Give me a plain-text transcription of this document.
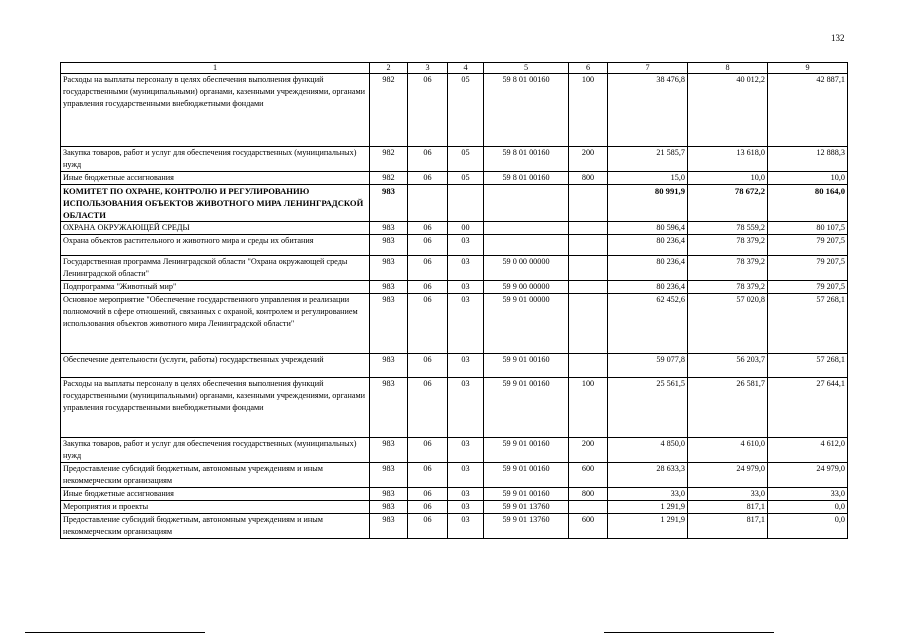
132
1	2	3	4	5	6	7	8	9
Расходы на выплаты персоналу в целях обеспечения выполнения функций государственными (муниципальными) органами, казенными учреждениями, органами управления государственными внебюджетными фондами	982	06	05	59 8 01 00160	100	38 476,8	40 012,2	42 887,1
Закупка товаров, работ и услуг для обеспечения государственных (муниципальных) нужд	982	06	05	59 8 01 00160	200	21 585,7	13 618,0	12 888,3
Иные бюджетные ассигнования	982	06	05	59 8 01 00160	800	15,0	10,0	10,0
КОМИТЕТ ПО ОХРАНЕ, КОНТРОЛЮ И РЕГУЛИРОВАНИЮ ИСПОЛЬЗОВАНИЯ ОБЪЕКТОВ ЖИВОТНОГО МИРА ЛЕНИНГРАДСКОЙ ОБЛАСТИ	983					80 991,9	78 672,2	80 164,0
ОХРАНА ОКРУЖАЮЩЕЙ СРЕДЫ	983	06	00			80 596,4	78 559,2	80 107,5
Охрана объектов растительного и животного мира и среды их обитания	983	06	03			80 236,4	78 379,2	79 207,5
Государственная программа Ленинградской области "Охрана окружающей среды Ленинградской области"	983	06	03	59 0 00 00000		80 236,4	78 379,2	79 207,5
Подпрограмма "Животный мир"	983	06	03	59 9 00 00000		80 236,4	78 379,2	79 207,5
Основное мероприятие "Обеспечение государственного управления и реализации полномочий в сфере отношений, связанных с охраной, контролем и регулированием использования объектов животного мира Ленинградской области"	983	06	03	59 9 01 00000		62 452,6	57 020,8	57 268,1
Обеспечение деятельности (услуги, работы) государственных учреждений	983	06	03	59 9 01 00160		59 077,8	56 203,7	57 268,1
Расходы на выплаты персоналу в целях обеспечения выполнения функций государственными (муниципальными) органами, казенными учреждениями, органами управления государственными внебюджетными фондами	983	06	03	59 9 01 00160	100	25 561,5	26 581,7	27 644,1
Закупка товаров, работ и услуг для обеспечения государственных (муниципальных) нужд	983	06	03	59 9 01 00160	200	4 850,0	4 610,0	4 612,0
Предоставление субсидий бюджетным, автономным учреждениям и иным некоммерческим организациям	983	06	03	59 9 01 00160	600	28 633,3	24 979,0	24 979,0
Иные бюджетные ассигнования	983	06	03	59 9 01 00160	800	33,0	33,0	33,0
Мероприятия и проекты	983	06	03	59 9 01 13760		1 291,9	817,1	0,0
Предоставление субсидий бюджетным, автономным учреждениям и иным некоммерческим организациям	983	06	03	59 9 01 13760	600	1 291,9	817,1	0,0
